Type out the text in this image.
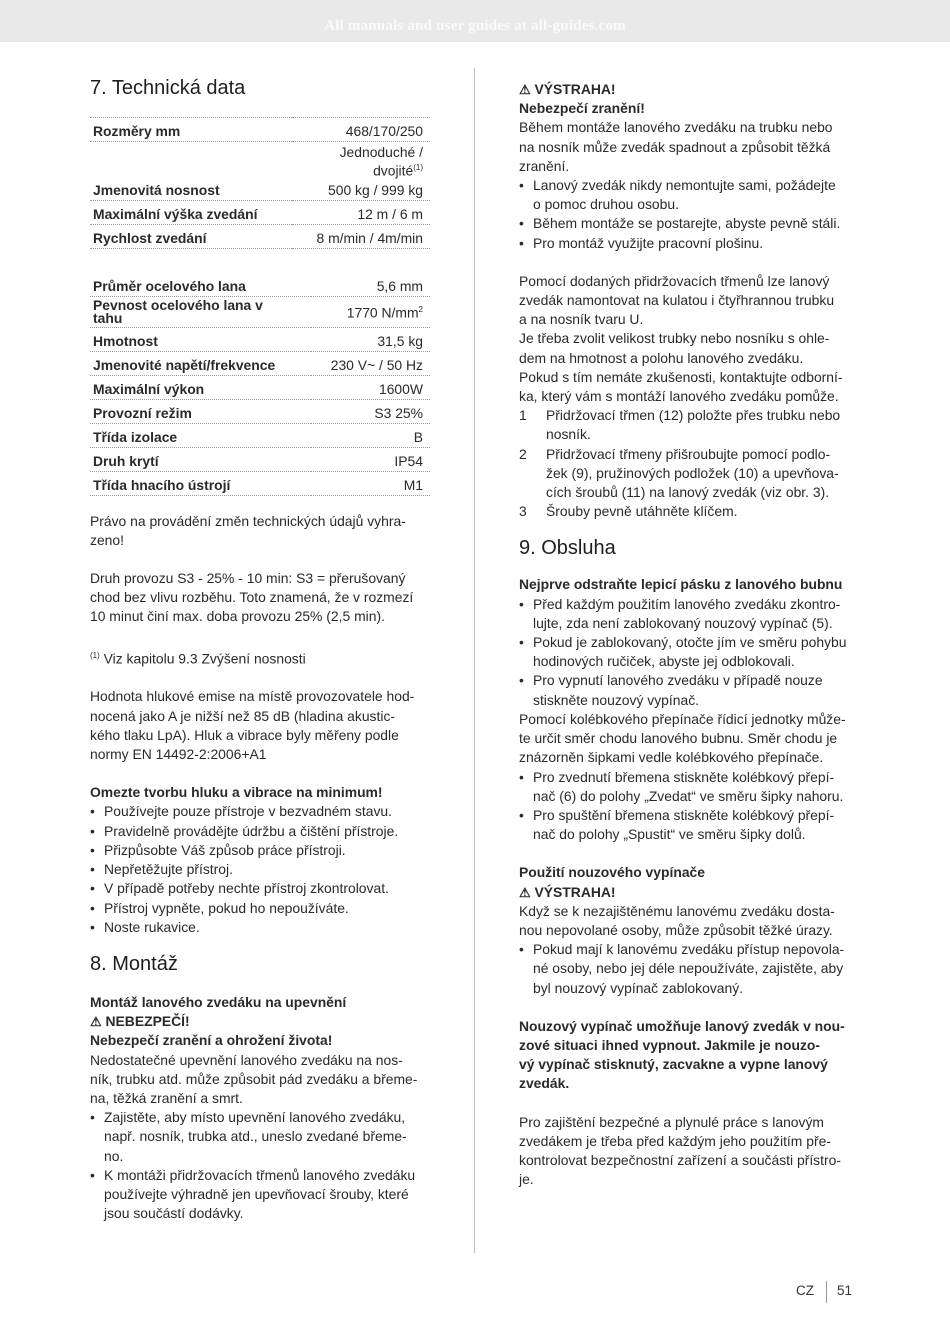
All manuals and user guides at all-guides.com
7. Technická data
Rozměry mm	468/170/250
Jmenovitá nosnost	Jednoduché /
dvojité$^{(1)}$
	500 kg / 999 kg
Maximální výška zvedání	12 m / 6 m
Rychlost zvedání	8 m/min / 4m/min
Průměr ocelového lana	5,6 mm
Pevnost ocelového lana v
tahu	1770 N/mm$^2$
Hmotnost	31,5 kg
Jmenovité napětí/frekvence	230 V~ / 50 Hz
Maximální výkon	1600W
Provozní režim	S3 25%
Třída izolace	B
Druh krytí	IP54
Třída hnacího ústrojí	M1

Právo na provádění změn technických údajů vyhra-
zeno!

Druh provozu S3 - 25% - 10 min: S3 = přerušovaný
chod bez vlivu rozběhu. Toto znamená, že v rozmezí
10 minut činí max. doba provozu 25% (2,5 min).

$^{(1)}$ Viz kapitolu 9.3 Zvýšení nosnosti

Hodnota hlukové emise na místě provozovatele hod-
nocená jako A je nižší než 85 dB (hladina akustic-
kého tlaku LpA). Hluk a vibrace byly měřeny podle
normy EN 14492-2:2006+A1

Omezte tvorbu hluku a vibrace na minimum!

• Používejte pouze přístroje v bezvadném stavu.
• Pravidelně provádějte údržbu a čištění přístroje.
• Přizpůsobte Váš způsob práce přístroji.
• Nepřetěžujte přístroj.
• V případě potřeby nechte přístroj zkontrolovat.
• Přístroj vypněte, pokud ho nepoužíváte.
• Noste rukavice.
8. Montáž

Montáž lanového zvedáku na upevnění

⚠ NEBEZPEČÍ!

Nebezpečí zranění a ohrožení života!

Nedostatečné upevnění lanového zvedáku na nos-
ník, trubku atd. může způsobit pád zvedáku a břeme-
na, těžká zranění a smrt.

• Zajistěte, aby místo upevnění lanového zvedáku,
např. nosník, trubka atd., uneslo zvedané břeme-
no.
• K montáži přidržovacích třmenů lanového zvedáku
používejte výhradně jen upevňovací šrouby, které
jsou součástí dodávky.

⚠ VÝSTRAHA!

Nebezpečí zranění!

Během montáže lanového zvedáku na trubku nebo
na nosník může zvedák spadnout a způsobit těžká
zranění.

• Lanový zvedák nikdy nemontujte sami, požádejte
o pomoc druhou osobu.
• Během montáže se postarejte, abyste pevně stáli.
• Pro montáž využijte pracovní plošinu.

Pomocí dodaných přidržovacích třmenů lze lanový
zvedák namontovat na kulatou i čtyřhrannou trubku
a na nosník tvaru U.
Je třeba zvolit velikost trubky nebo nosníku s ohle-
dem na hmotnost a polohu lanového zvedáku.
Pokud s tím nemáte zkušenosti, kontaktujte odborní-
ka, který vám s montáží lanového zvedáku pomůže.

1 Přidržovací třmen (12) položte přes trubku nebo
nosník.
2 Přidržovací třmeny přišroubujte pomocí podlo-
žek (9), pružinových podložek (10) a upevňova-
cích šroubů (11) na lanový zvedák (viz obr. 3).
3 Šrouby pevně utáhněte klíčem.
9. Obsluha

Nejprve odstraňte lepicí pásku z lanového bubnu

• Před každým použitím lanového zvedáku zkontro-
lujte, zda není zablokovaný nouzový vypínač (5).
• Pokud je zablokovaný, otočte jím ve směru pohybu
hodinových ručiček, abyste jej odblokovali.
• Pro vypnutí lanového zvedáku v případě nouze
stiskněte nouzový vypínač.

Pomocí kolébkového přepínače řídicí jednotky může-
te určit směr chodu lanového bubnu. Směr chodu je
znázorněn šipkami vedle kolébkového přepínače.

• Pro zvednutí břemena stiskněte kolébkový přepí-
nač (6) do polohy „Zvedat“ ve směru šipky nahoru.
• Pro spuštění břemena stiskněte kolébkový přepí-
nač do polohy „Spustit“ ve směru šipky dolů.

Použití nouzového vypínače

⚠ VÝSTRAHA!

Když se k nezajištěnému lanovému zvedáku dosta-
nou nepovolané osoby, může způsobit těžké úrazy.

• Pokud mají k lanovému zvedáku přístup nepovola-
né osoby, nebo jej déle nepoužíváte, zajistěte, aby
byl nouzový vypínač zablokovaný.

Nouzový vypínač umožňuje lanový zvedák v nou-
zové situaci ihned vypnout. Jakmile je nouzo-
vý vypínač stisknutý, zacvakne a vypne lanový
zvedák.

Pro zajištění bezpečné a plynulé práce s lanovým
zvedákem je třeba před každým jeho použitím pře-
kontrolovat bezpečnostní zařízení a součásti přístro-
je.

CZ 51
